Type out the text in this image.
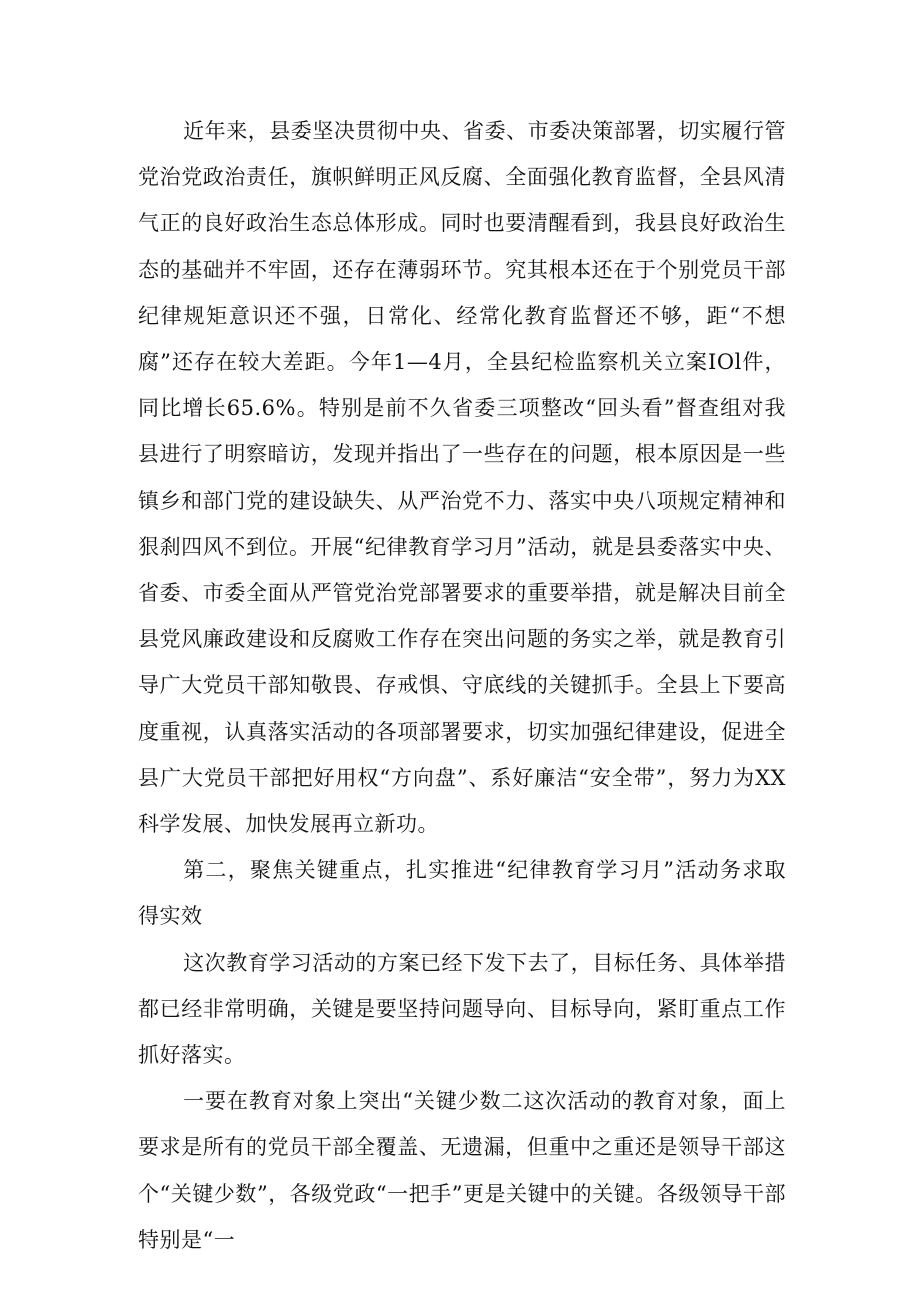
近年来，县委坚决贯彻中央、省委、市委决策部署，切实履行管党治党政治责任，旗帜鲜明正风反腐、全面强化教育监督，全县风清气正的良好政治生态总体形成。同时也要清醒看到，我县良好政治生态的基础并不牢固，还存在薄弱环节。究其根本还在于个别党员干部纪律规矩意识还不强，日常化、经常化教育监督还不够，距“不想腐”还存在较大差距。今年1—4月，全县纪检监察机关立案IOl件，同比增长65.6%。特别是前不久省委三项整改“回头看”督查组对我县进行了明察暗访，发现并指出了一些存在的问题，根本原因是一些镇乡和部门党的建设缺失、从严治党不力、落实中央八项规定精神和狠刹四风不到位。开展“纪律教育学习月”活动，就是县委落实中央、省委、市委全面从严管党治党部署要求的重要举措，就是解决目前全县党风廉政建设和反腐败工作存在突出问题的务实之举，就是教育引导广大党员干部知敬畏、存戒惧、守底线的关键抓手。全县上下要高度重视，认真落实活动的各项部署要求，切实加强纪律建设，促进全县广大党员干部把好用权“方向盘”、系好廉洁“安全带”，努力为XX科学发展、加快发展再立新功。

第二，聚焦关键重点，扎实推进“纪律教育学习月”活动务求取得实效

这次教育学习活动的方案已经下发下去了，目标任务、具体举措都已经非常明确，关键是要坚持问题导向、目标导向，紧盯重点工作抓好落实。

一要在教育对象上突出“关键少数二这次活动的教育对象，面上要求是所有的党员干部全覆盖、无遗漏，但重中之重还是领导干部这个“关键少数”，各级党政“一把手”更是关键中的关键。各级领导干部特别是“一
